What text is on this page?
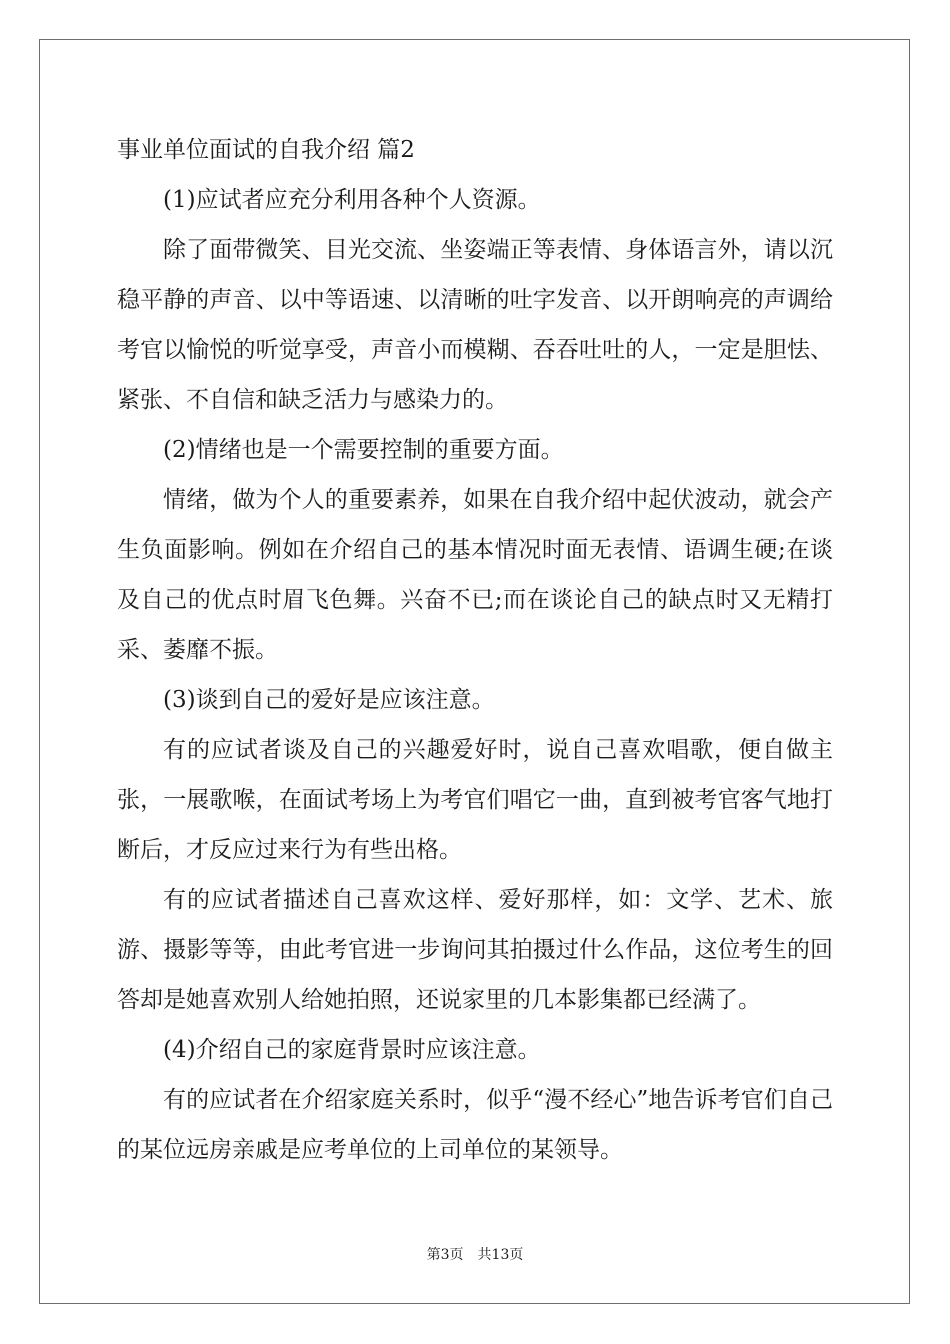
事业单位面试的自我介绍 篇2

(1)应试者应充分利用各种个人资源。

除了面带微笑、目光交流、坐姿端正等表情、身体语言外，请以沉稳平静的声音、以中等语速、以清晰的吐字发音、以开朗响亮的声调给考官以愉悦的听觉享受，声音小而模糊、吞吞吐吐的人，一定是胆怯、紧张、不自信和缺乏活力与感染力的。

(2)情绪也是一个需要控制的重要方面。

情绪，做为个人的重要素养，如果在自我介绍中起伏波动，就会产生负面影响。例如在介绍自己的基本情况时面无表情、语调生硬;在谈及自己的优点时眉飞色舞。兴奋不已;而在谈论自己的缺点时又无精打采、萎靡不振。

(3)谈到自己的爱好是应该注意。

有的应试者谈及自己的兴趣爱好时，说自己喜欢唱歌，便自做主张，一展歌喉，在面试考场上为考官们唱它一曲，直到被考官客气地打断后，才反应过来行为有些出格。

有的应试者描述自己喜欢这样、爱好那样，如：文学、艺术、旅游、摄影等等，由此考官进一步询问其拍摄过什么作品，这位考生的回答却是她喜欢别人给她拍照，还说家里的几本影集都已经满了。

(4)介绍自己的家庭背景时应该注意。

有的应试者在介绍家庭关系时，似乎“漫不经心”地告诉考官们自己的某位远房亲戚是应考单位的上司单位的某领导。

第3页　共13页
